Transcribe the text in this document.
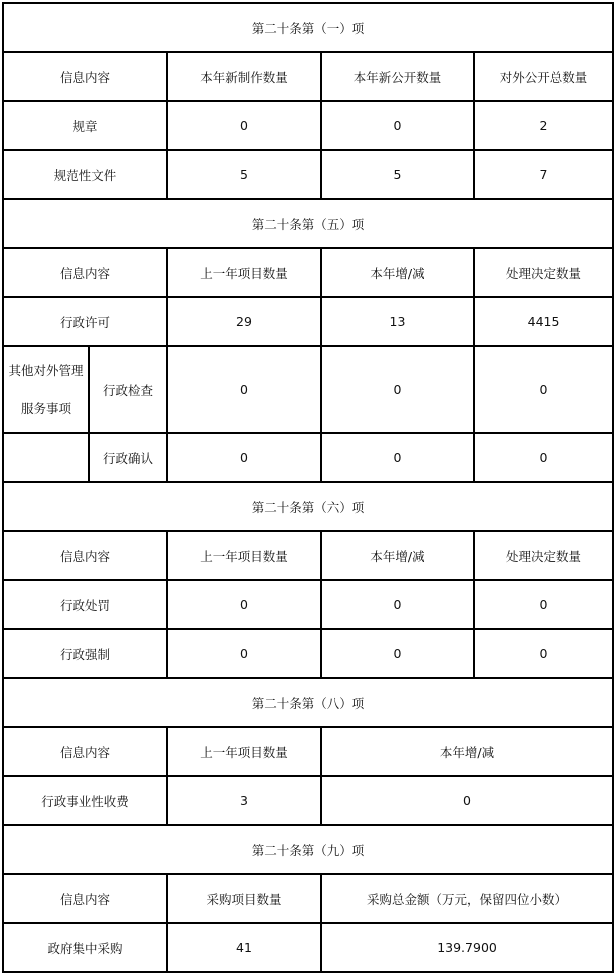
第二十条第（一）项				
信息内容		本年新制作数量	本年新公开数量	对外公开总数量
规章		0	0	2
规范性文件		5	5	7
第二十条第（五）项				
信息内容		上一年项目数量	本年增/减	处理决定数量
行政许可		29	13	4415

其他对外管理
服务事项	行政检查	0	0	0
	行政确认	0	0	0
第二十条第（六）项				
信息内容		上一年项目数量	本年增/减	处理决定数量
行政处罚		0	0	0
行政强制		0	0	0
第二十条第（八）项				
信息内容		上一年项目数量	本年增/减	
行政事业性收费		3	0	
第二十条第（九）项				
信息内容		采购项目数量	采购总金额（万元，保留四位小数）	
政府集中采购		41	139.7900	
